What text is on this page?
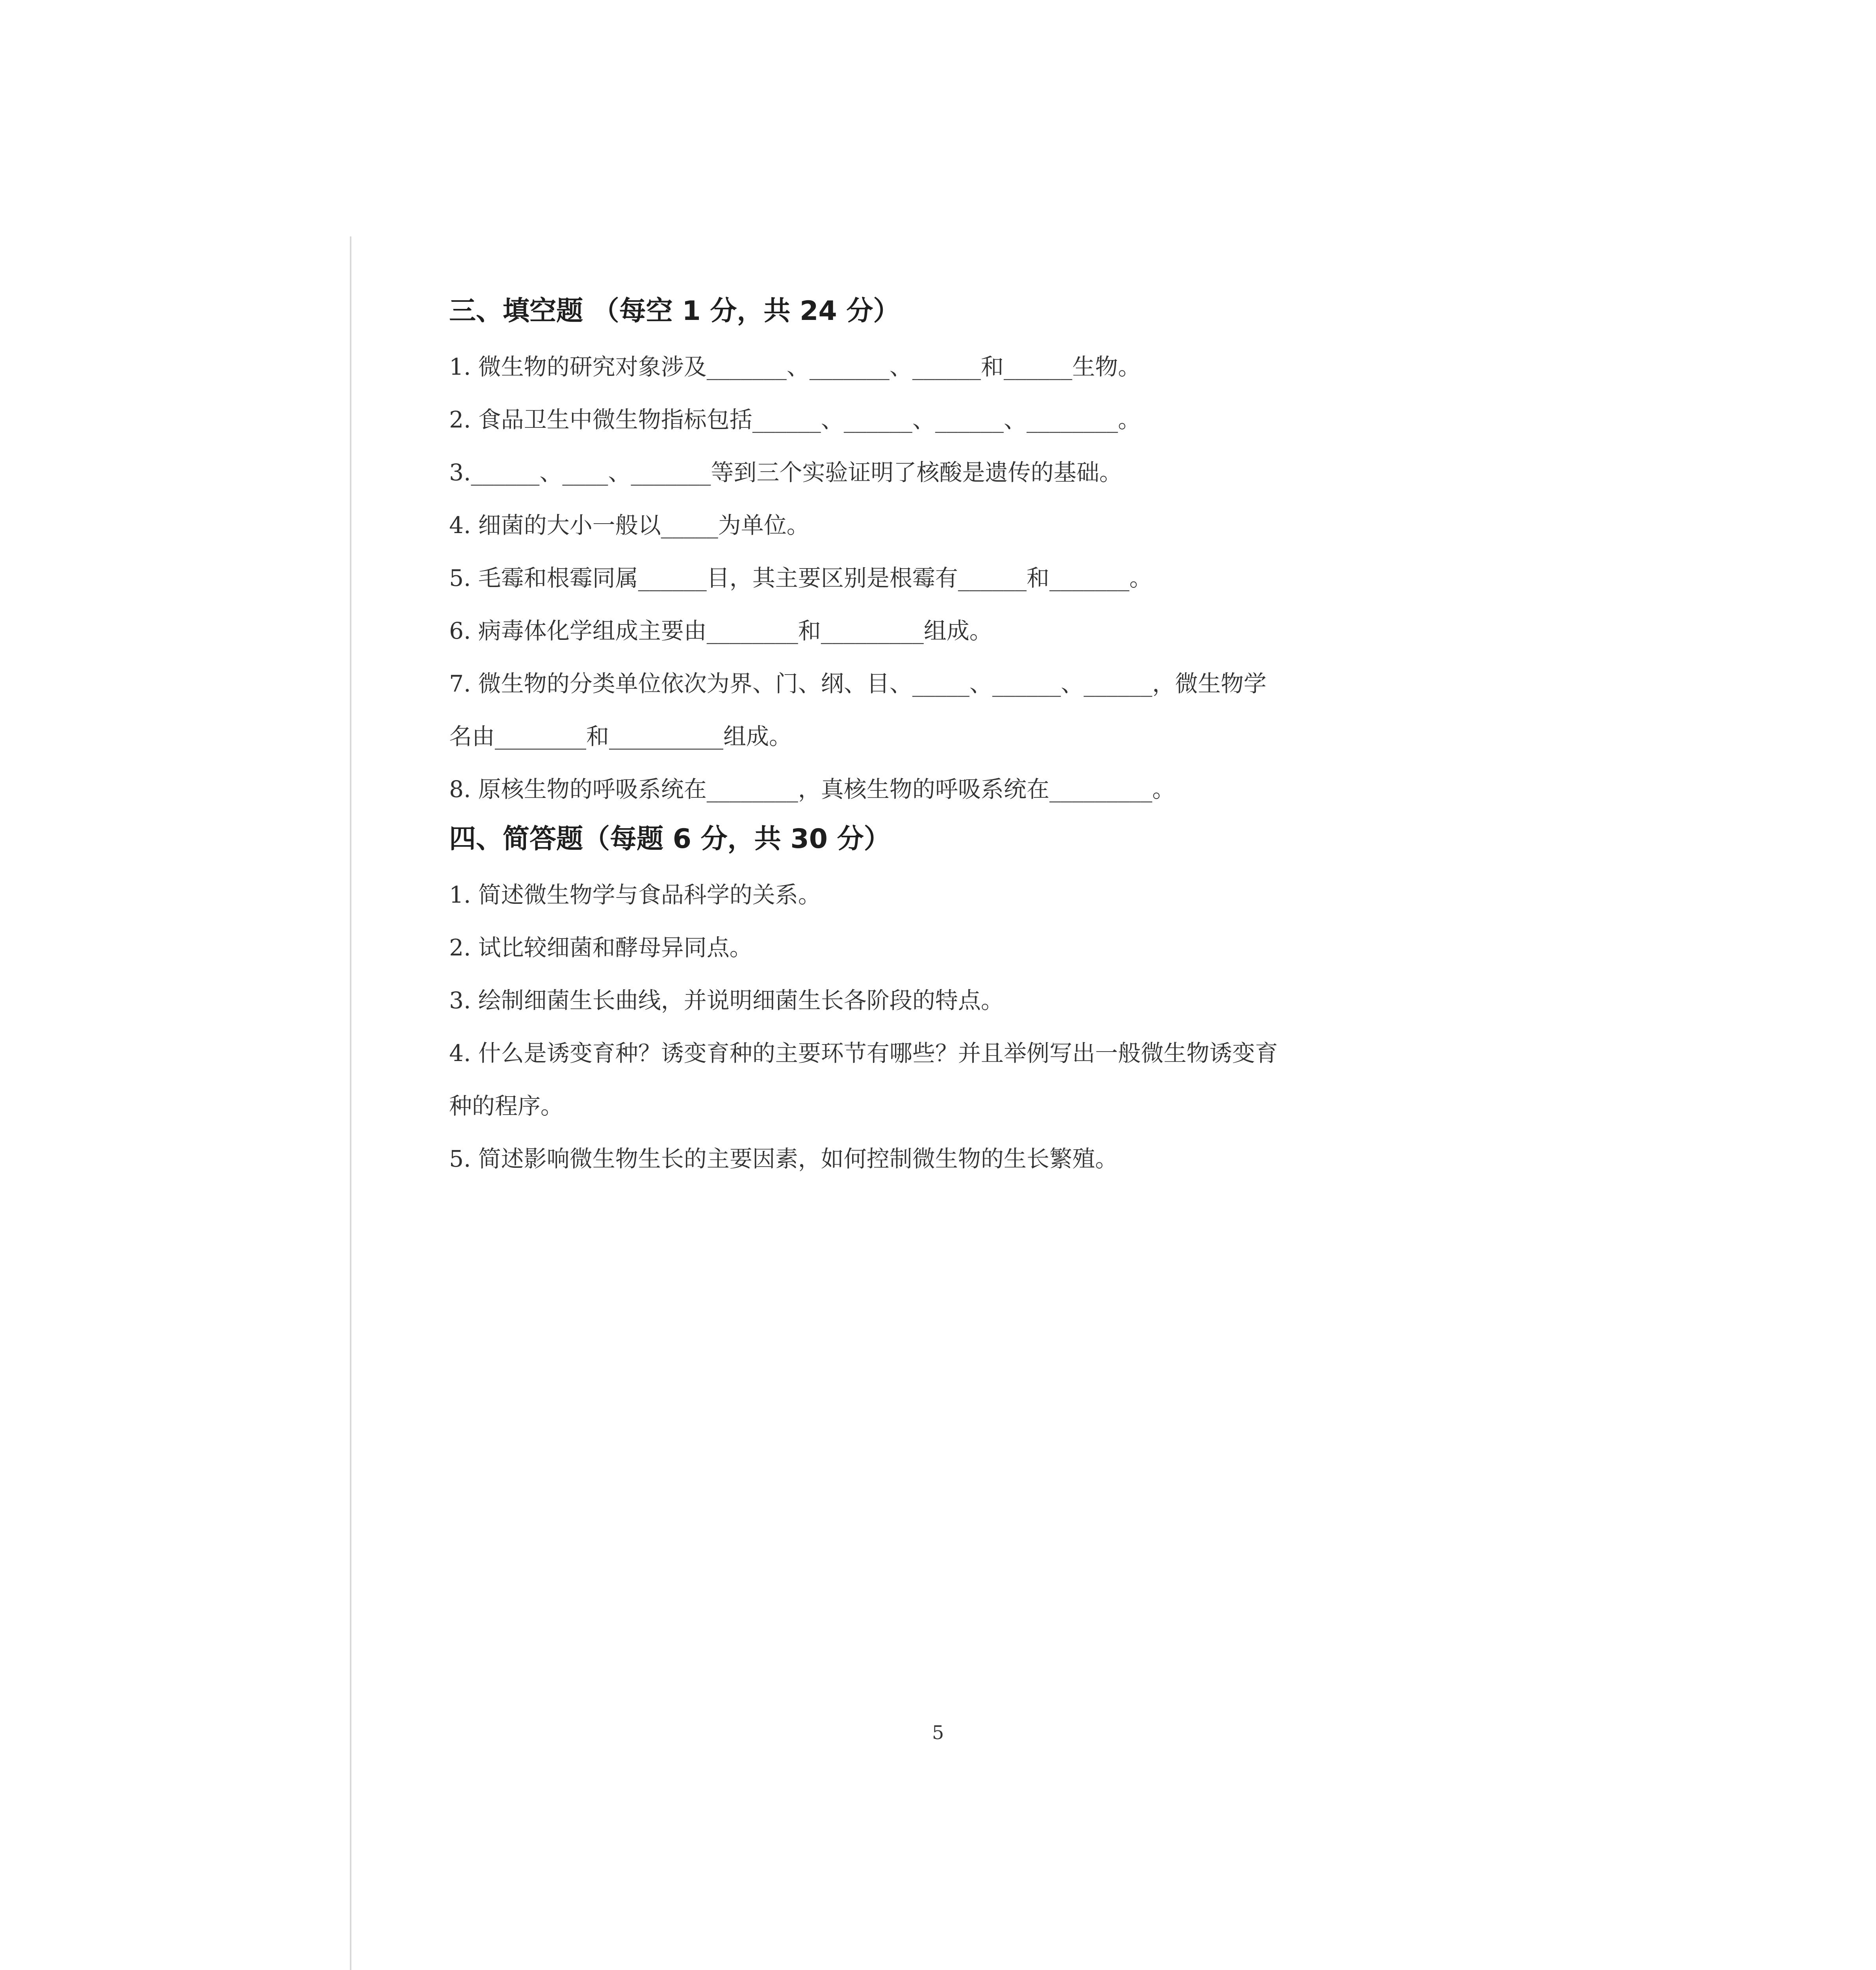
三、填空题 （每空 1 分，共 24 分）
1. 微生物的研究对象涉及_______、_______、______和______生物。
2. 食品卫生中微生物指标包括______、______、______、________。
3.______、____、_______等到三个实验证明了核酸是遗传的基础。
4. 细菌的大小一般以_____为单位。
5. 毛霉和根霉同属______目，其主要区别是根霉有______和_______。
6. 病毒体化学组成主要由________和_________组成。
7. 微生物的分类单位依次为界、门、纲、目、_____、______、______，微生物学
名由________和__________组成。
8. 原核生物的呼吸系统在________，真核生物的呼吸系统在_________。
四、简答题（每题 6 分，共 30 分）
1. 简述微生物学与食品科学的关系。
2. 试比较细菌和酵母异同点。
3. 绘制细菌生长曲线，并说明细菌生长各阶段的特点。
4. 什么是诱变育种？诱变育种的主要环节有哪些？并且举例写出一般微生物诱变育
种的程序。
5. 简述影响微生物生长的主要因素，如何控制微生物的生长繁殖。
5
